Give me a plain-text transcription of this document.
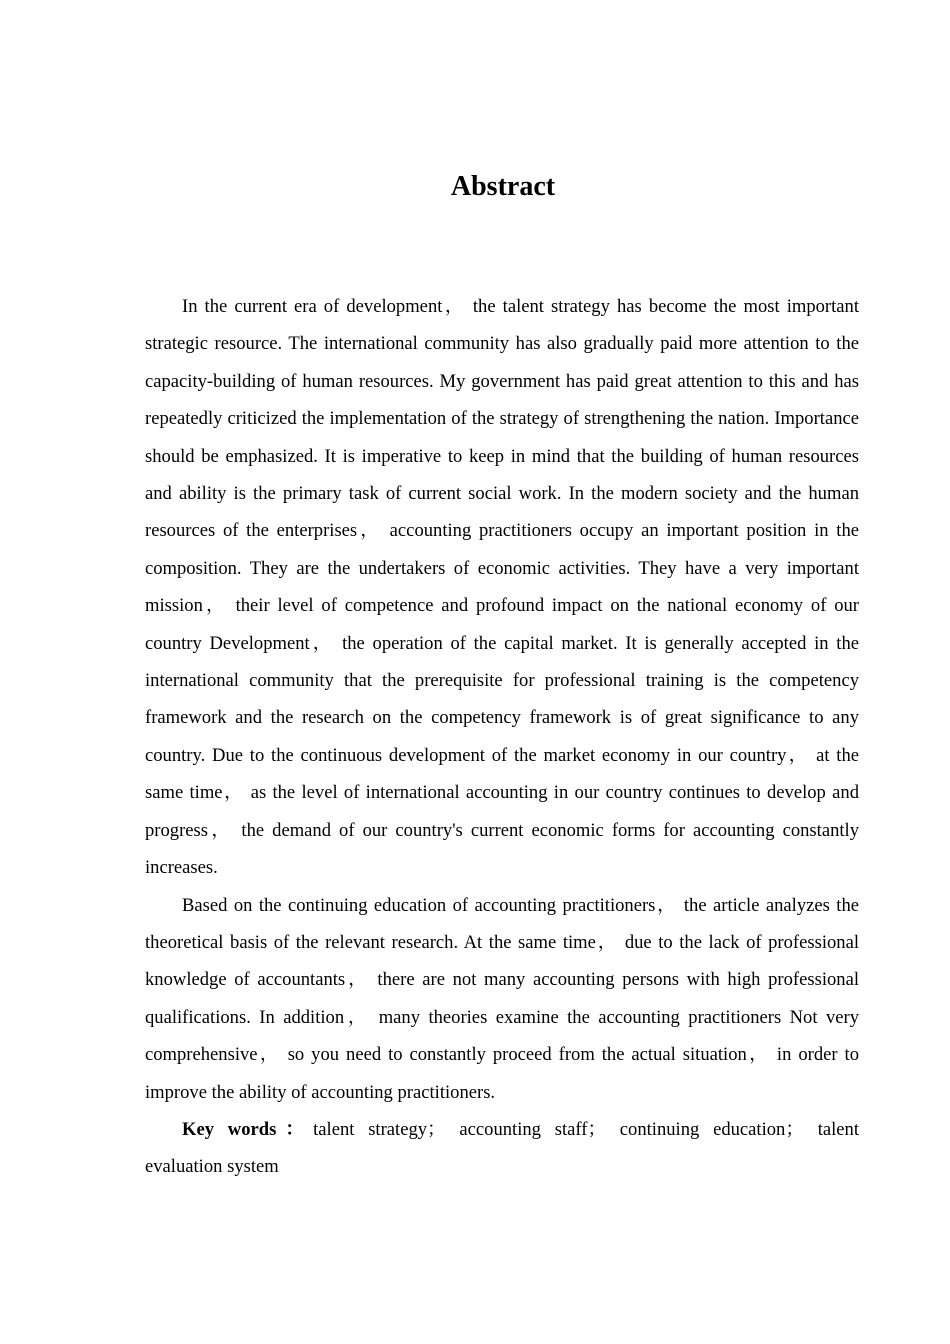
Abstract

In the current era of development， the talent strategy has become the most important strategic resource. The international community has also gradually paid more attention to the capacity-building of human resources. My government has paid great attention to this and has repeatedly criticized the implementation of the strategy of strengthening the nation. Importance should be emphasized. It is imperative to keep in mind that the building of human resources and ability is the primary task of current social work. In the modern society and the human resources of the enterprises， accounting practitioners occupy an important position in the composition. They are the undertakers of economic activities. They have a very important mission， their level of competence and profound impact on the national economy of our country Development， the operation of the capital market. It is generally accepted in the international community that the prerequisite for professional training is the competency framework and the research on the competency framework is of great significance to any country. Due to the continuous development of the market economy in our country， at the same time， as the level of international accounting in our country continues to develop and progress， the demand of our country's current economic forms for accounting constantly increases.

Based on the continuing education of accounting practitioners， the article analyzes the theoretical basis of the relevant research. At the same time， due to the lack of professional knowledge of accountants， there are not many accounting persons with high professional qualifications. In addition， many theories examine the accounting practitioners Not very comprehensive， so you need to constantly proceed from the actual situation， in order to improve the ability of accounting practitioners.

Key words：talent strategy； accounting staff； continuing education； talent evaluation system
